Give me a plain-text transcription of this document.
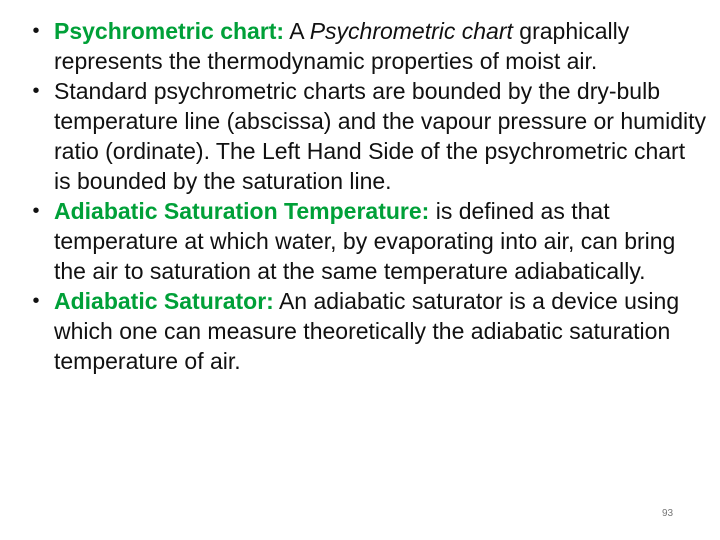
• Psychrometric chart: A Psychrometric chart graphically represents the thermodynamic properties of moist air.
• Standard psychrometric charts are bounded by the dry-bulb temperature line (abscissa) and the vapour pressure or humidity ratio (ordinate). The Left Hand Side of the psychrometric chart is bounded by the saturation line.
• Adiabatic Saturation Temperature: is defined as that temperature at which water, by evaporating into air, can bring the air to saturation at the same temperature adiabatically.
• Adiabatic Saturator: An adiabatic saturator is a device using which one can measure theoretically the adiabatic saturation temperature of air.
93
